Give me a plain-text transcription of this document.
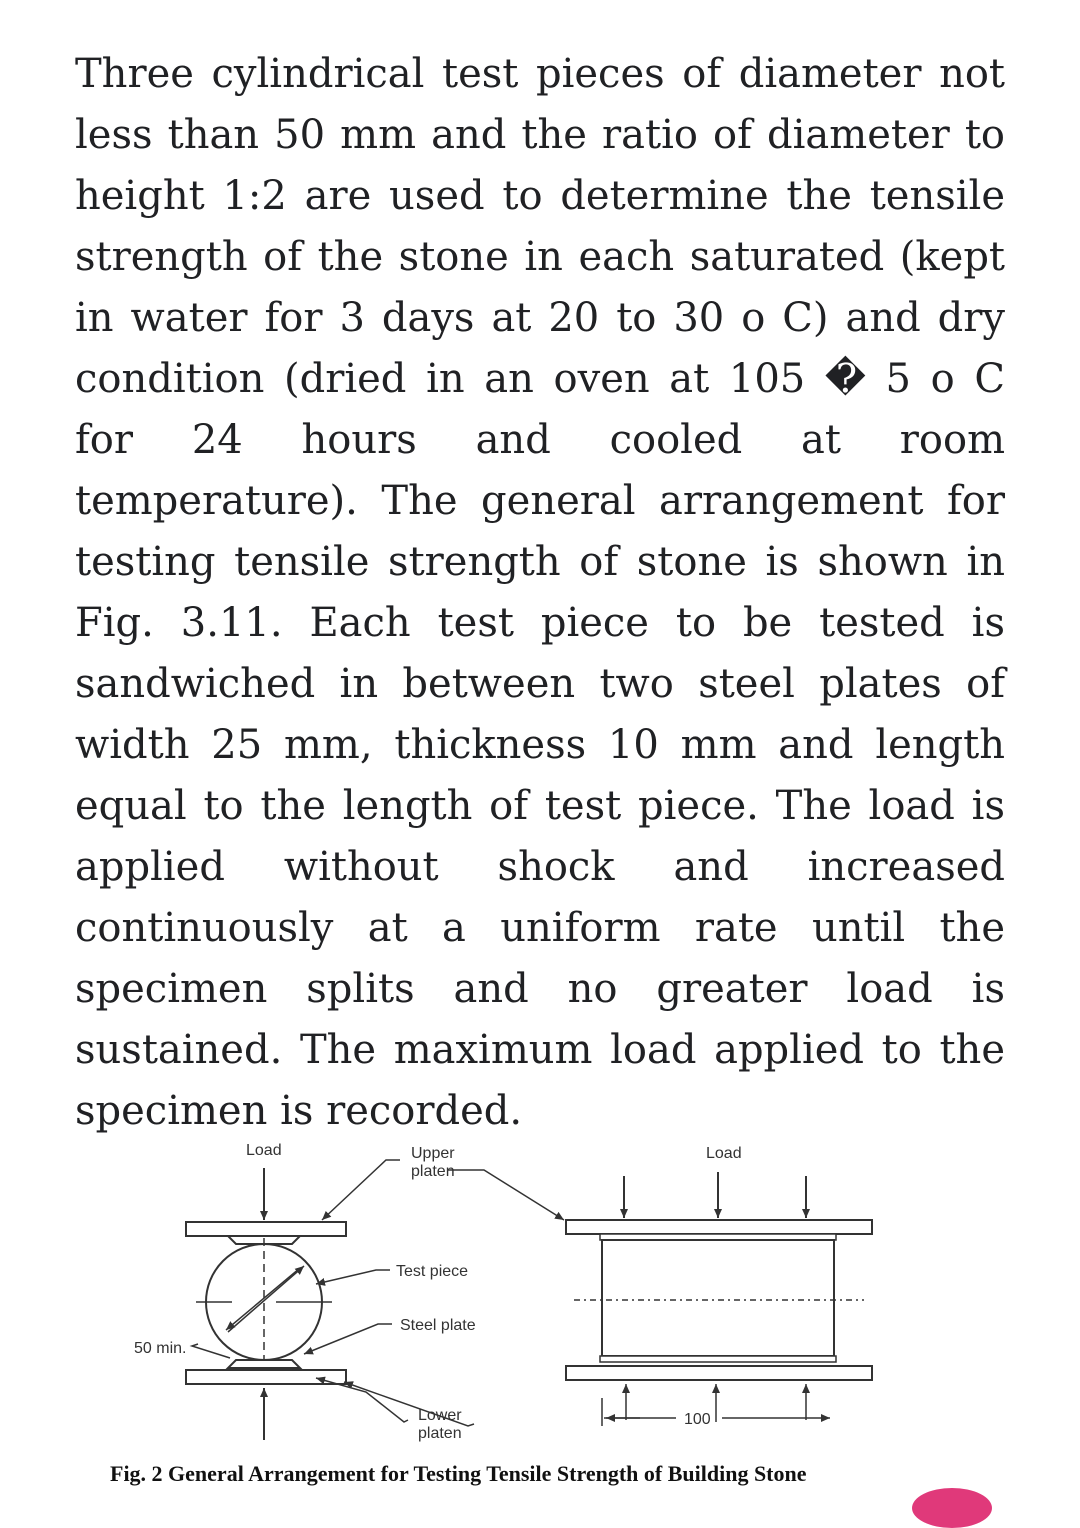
Three cylindrical test pieces of diameter not less than 50 mm and the ratio of diameter to height 1:2 are used to determine the tensile strength of the stone in each saturated (kept in water for 3 days at 20 to 30 o C) and dry condition (dried in an oven at 105 � 5 o C for 24 hours and cooled at room temperature). The general arrangement for testing tensile strength of stone is shown in Fig. 3.11. Each test piece to be tested is sandwiched in between two steel plates of width 25 mm, thickness 10 mm and length equal to the length of test piece. The load is applied without shock and increased continuously at a uniform rate until the specimen splits and no greater load is sustained. The maximum load applied to the specimen is recorded.

Load	Upper
platen
Load
Test piece
Steel plate
50 min.
Lower
platen
100
Fig. 2 General Arrangement for Testing Tensile Strength of Building Stone
